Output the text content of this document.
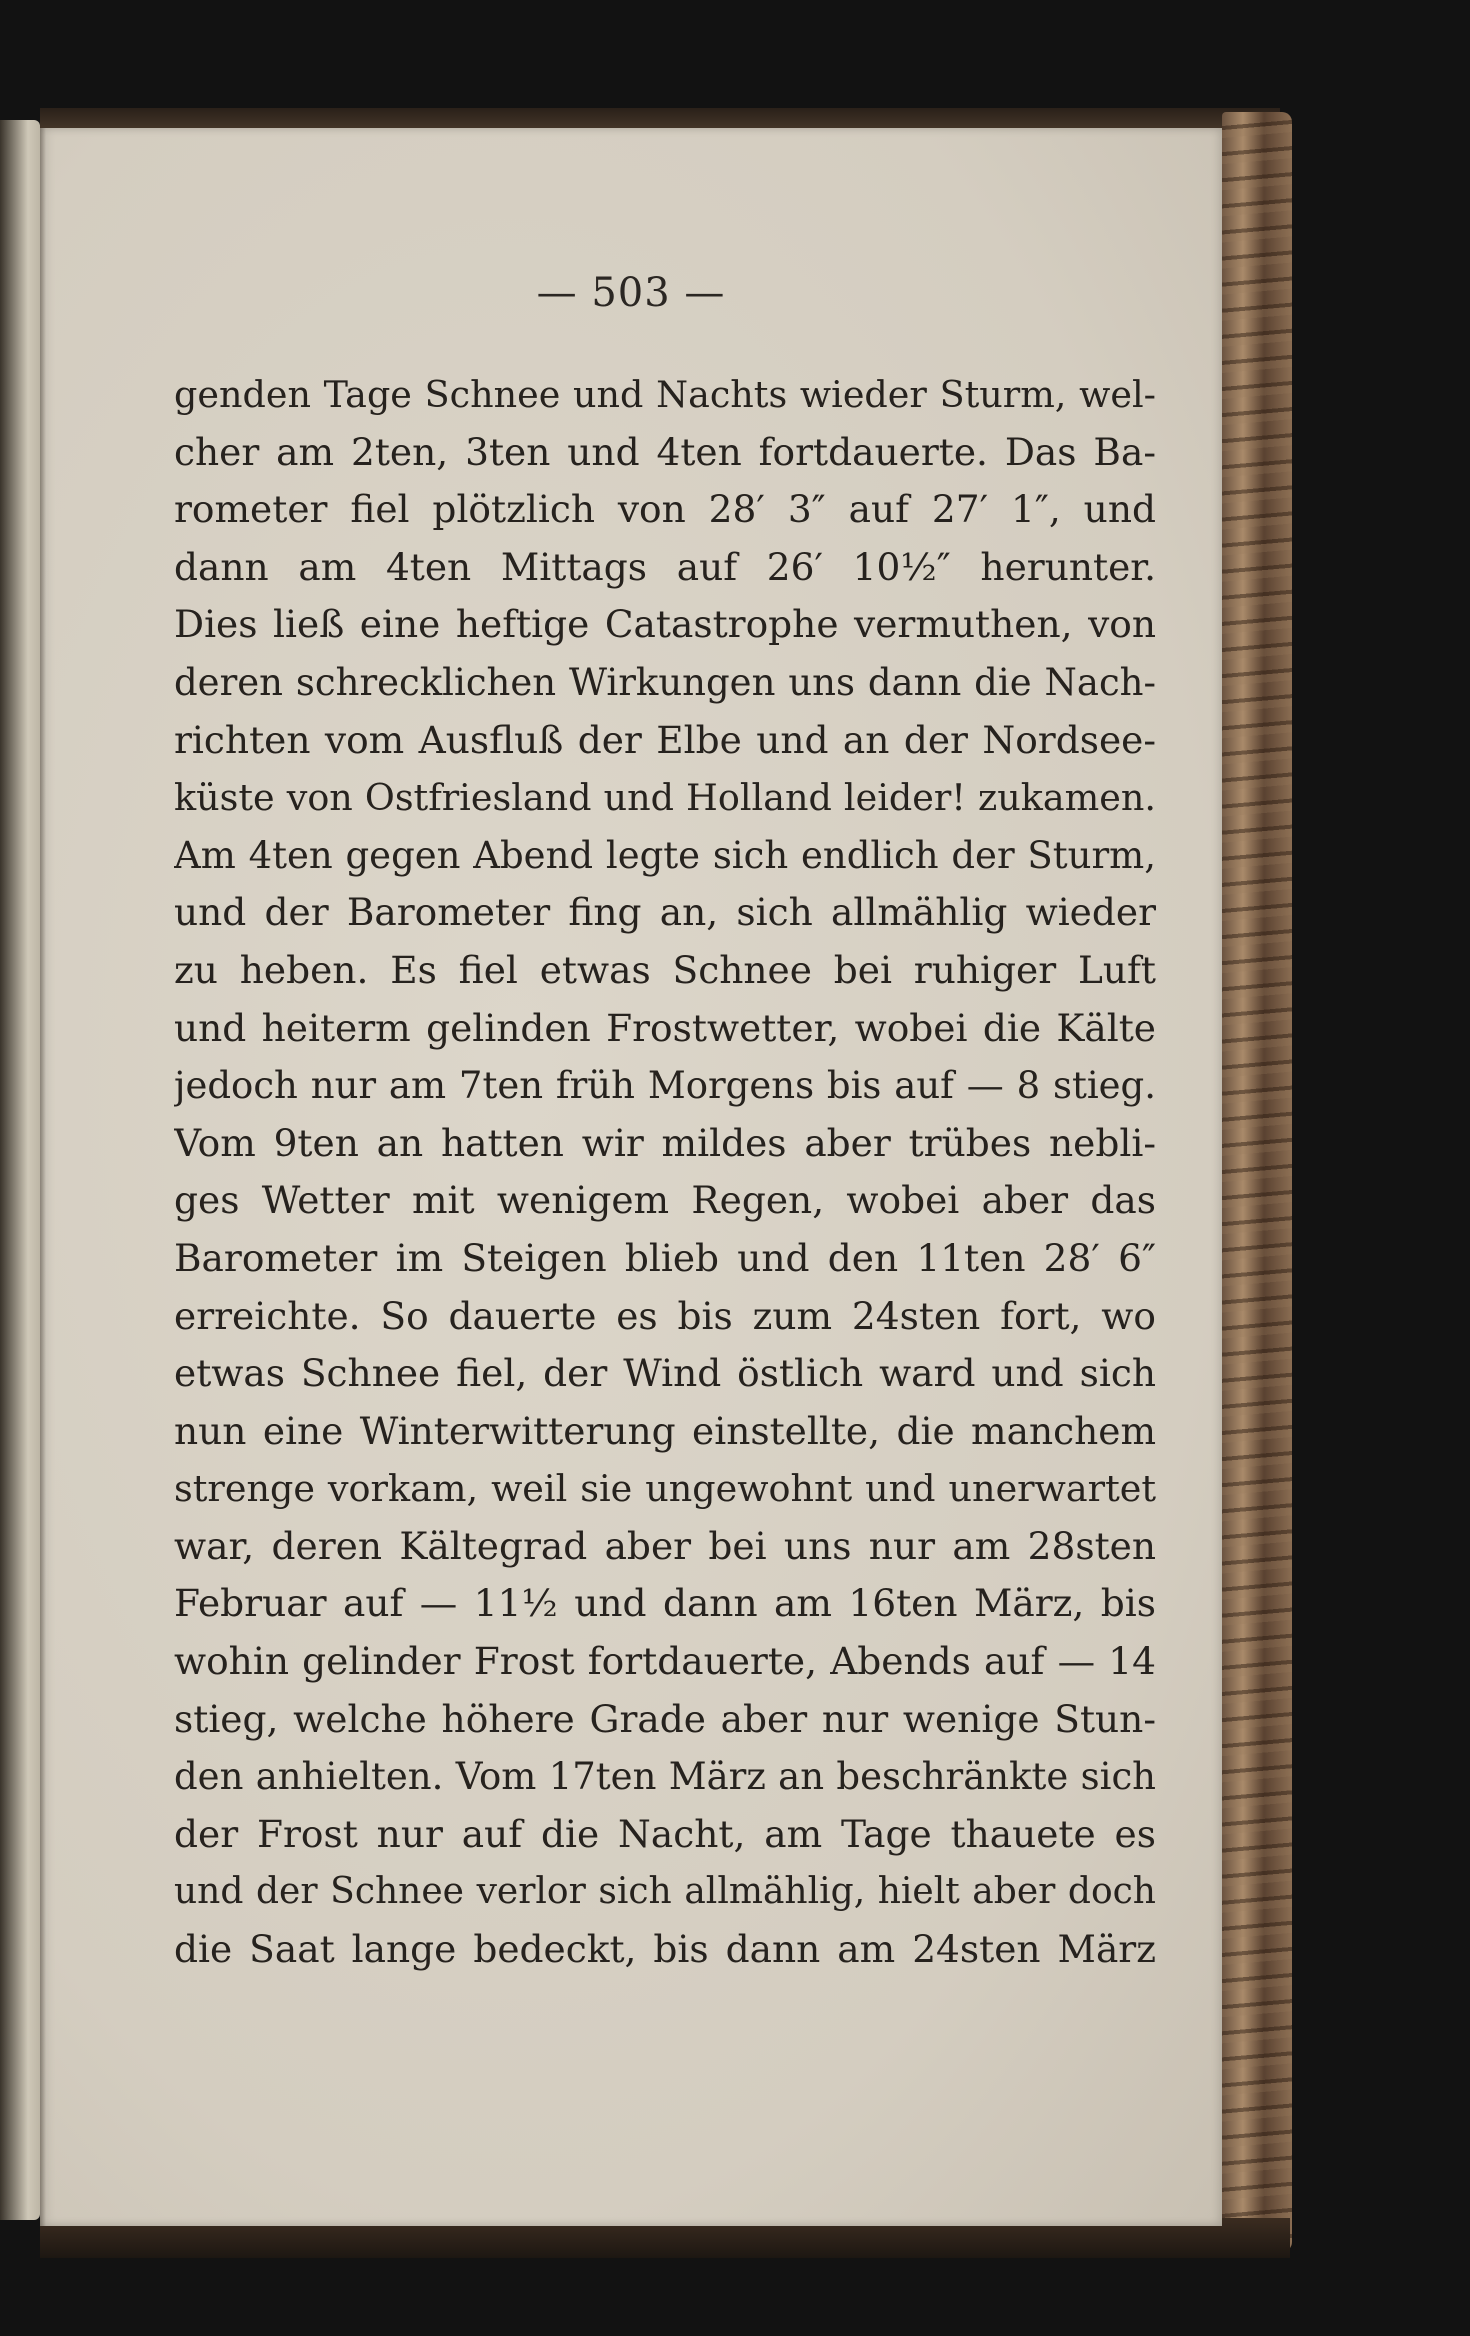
— 503 —
genden Tage Schnee und Nachts wieder Sturm, wel-
cher am 2ten, 3ten und 4ten fortdauerte. Das Ba-
rometer fiel plötzlich von 28′ 3″ auf 27′ 1″, und
dann am 4ten Mittags auf 26′ 10½″ herunter.
Dies ließ eine heftige Catastrophe vermuthen, von
deren schrecklichen Wirkungen uns dann die Nach-
richten vom Ausfluß der Elbe und an der Nordsee-
küste von Ostfriesland und Holland leider! zukamen.
Am 4ten gegen Abend legte sich endlich der Sturm,
und der Barometer fing an, sich allmählig wieder
zu heben. Es fiel etwas Schnee bei ruhiger Luft
und heiterm gelinden Frostwetter, wobei die Kälte
jedoch nur am 7ten früh Morgens bis auf — 8 stieg.
Vom 9ten an hatten wir mildes aber trübes nebli-
ges Wetter mit wenigem Regen, wobei aber das
Barometer im Steigen blieb und den 11ten 28′ 6″
erreichte. So dauerte es bis zum 24sten fort, wo
etwas Schnee fiel, der Wind östlich ward und sich
nun eine Winterwitterung einstellte, die manchem
strenge vorkam, weil sie ungewohnt und unerwartet
war, deren Kältegrad aber bei uns nur am 28sten
Februar auf — 11½ und dann am 16ten März, bis
wohin gelinder Frost fortdauerte, Abends auf — 14
stieg, welche höhere Grade aber nur wenige Stun-
den anhielten. Vom 17ten März an beschränkte sich
der Frost nur auf die Nacht, am Tage thauete es
und der Schnee verlor sich allmählig, hielt aber doch
die Saat lange bedeckt, bis dann am 24sten März
